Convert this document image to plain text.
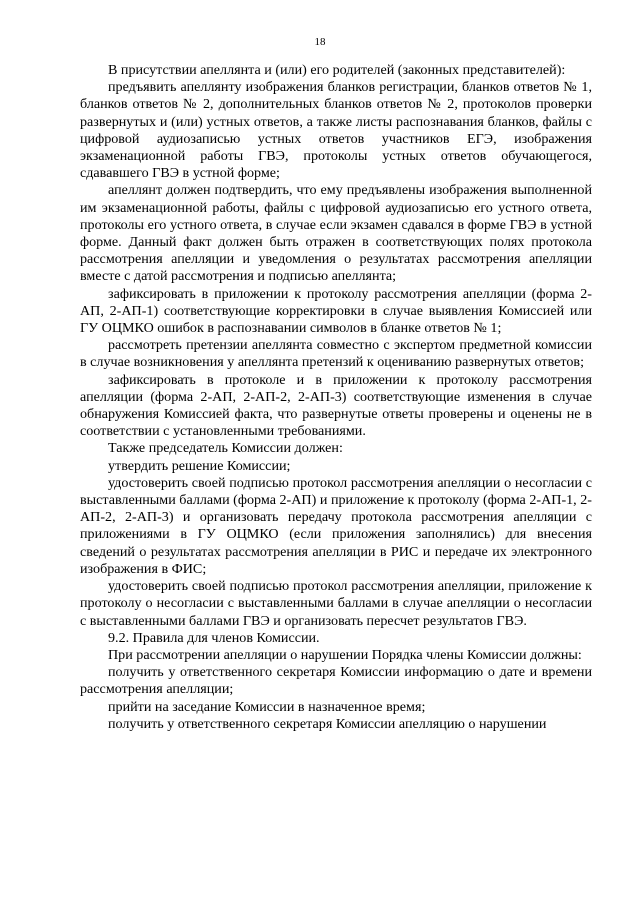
18

В присутствии апеллянта и (или) его родителей (законных представителей):

предъявить апеллянту изображения бланков регистрации, бланков ответов № 1, бланков ответов № 2, дополнительных бланков ответов № 2, протоколов проверки развернутых и (или) устных ответов, а также листы распознавания бланков, файлы с цифровой аудиозаписью устных ответов участников ЕГЭ, изображения экзаменационной работы ГВЭ, протоколы устных ответов обучающегося, сдававшего ГВЭ в устной форме;

апеллянт должен подтвердить, что ему предъявлены изображения выполненной им экзаменационной работы, файлы с цифровой аудиозаписью его устного ответа, протоколы его устного ответа, в случае если экзамен сдавался в форме ГВЭ в устной форме. Данный факт должен быть отражен в соответствующих полях протокола рассмотрения апелляции и уведомления о результатах рассмотрения апелляции вместе с датой рассмотрения и подписью апеллянта;

зафиксировать в приложении к протоколу рассмотрения апелляции (форма 2-АП, 2-АП-1) соответствующие корректировки в случае выявления Комиссией или ГУ ОЦМКО ошибок в распознавании символов в бланке ответов № 1;

рассмотреть претензии апеллянта совместно с экспертом предметной комиссии в случае возникновения у апеллянта претензий к оцениванию развернутых ответов;

зафиксировать в протоколе и в приложении к протоколу рассмотрения апелляции (форма 2-АП, 2-АП-2, 2-АП-3) соответствующие изменения в случае обнаружения Комиссией факта, что развернутые ответы проверены и оценены не в соответствии с установленными требованиями.

Также председатель Комиссии должен:

утвердить решение Комиссии;

удостоверить своей подписью протокол рассмотрения апелляции о несогласии с выставленными баллами (форма 2-АП) и приложение к протоколу (форма 2-АП-1, 2-АП-2, 2-АП-3) и организовать передачу протокола рассмотрения апелляции с приложениями в ГУ ОЦМКО (если приложения заполнялись) для внесения сведений о результатах рассмотрения апелляции в РИС и передаче их электронного изображения в ФИС;

удостоверить своей подписью протокол рассмотрения апелляции, приложение к протоколу о несогласии с выставленными баллами в случае апелляции о несогласии с выставленными баллами ГВЭ и организовать пересчет результатов ГВЭ.

9.2. Правила для членов Комиссии.

При рассмотрении апелляции о нарушении Порядка члены Комиссии должны:

получить у ответственного секретаря Комиссии информацию о дате и времени рассмотрения апелляции;

прийти на заседание Комиссии в назначенное время;

получить у ответственного секретаря Комиссии апелляцию о нарушении
